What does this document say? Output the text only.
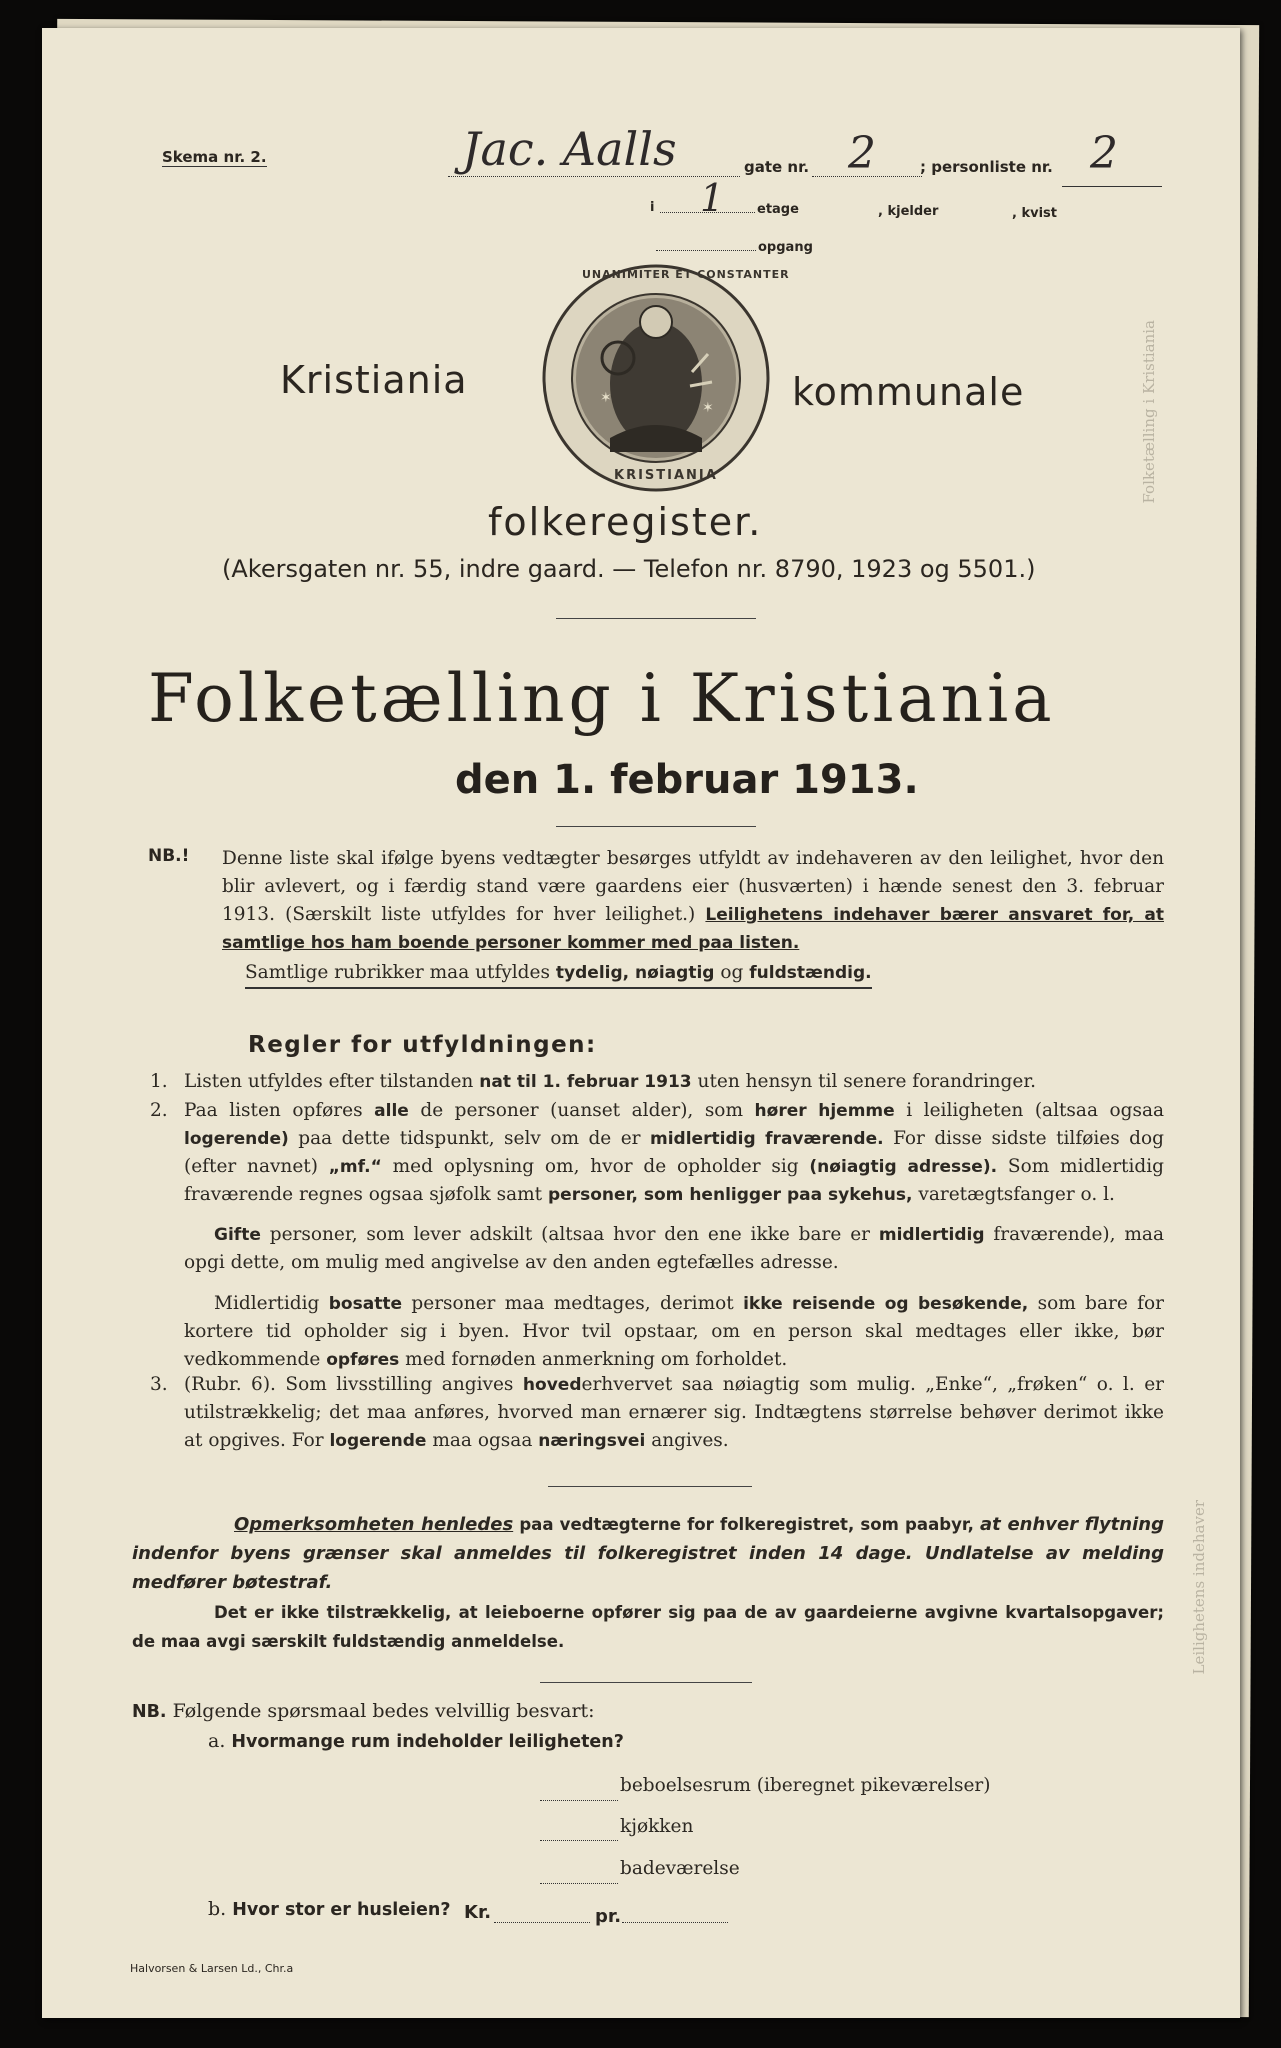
Folketælling i Kristiania
Leilighetens indehaver
Skema nr. 2.	Jac. Aalls	gate nr. 2	; personliste nr. 2
i 1	etage	, kjelder	, kvist
opgang
Kristiania	✶
✶
UNANIMITER ET CONSTANTER
KRISTIANIA
kommunale
folkeregister.
(Akersgaten nr. 55, indre gaard. — Telefon nr. 8790, 1923 og 5501.)
Folketælling i Kristiania
den 1. februar 1913.
NB.! Denne liste skal ifølge byens vedtægter besørges utfyldt av indehaveren av den leilighet, hvor den blir avlevert, og i færdig stand være gaardens eier (husværten) i hænde senest den 3. februar 1913. (Særskilt liste utfyldes for hver leilighet.) Leilighetens indehaver bærer ansvaret for, at samtlige hos ham boende personer kommer med paa listen.
Samtlige rubrikker maa utfyldes tydelig, nøiagtig og fuldstændig.
Regler for utfyldningen:
1. Listen utfyldes efter tilstanden nat til 1. februar 1913 uten hensyn til senere forandringer.
2. Paa listen opføres alle de personer (uanset alder), som hører hjemme i leiligheten (altsaa ogsaa logerende) paa dette tidspunkt, selv om de er midlertidig fraværende. For disse sidste tilføies dog (efter navnet) „mf.“ med oplysning om, hvor de opholder sig (nøiagtig adresse). Som midlertidig fraværende regnes ogsaa sjøfolk samt personer, som henligger paa sykehus, varetægtsfanger o. l.
Gifte personer, som lever adskilt (altsaa hvor den ene ikke bare er midlertidig fraværende), maa opgi dette, om mulig med angivelse av den anden egtefælles adresse.
Midlertidig bosatte personer maa medtages, derimot ikke reisende og besøkende, som bare for kortere tid opholder sig i byen. Hvor tvil opstaar, om en person skal medtages eller ikke, bør vedkommende opføres med fornøden anmerkning om forholdet.
3. (Rubr. 6). Som livsstilling angives hovederhvervet saa nøiagtig som mulig. „Enke“, „frøken“ o. l. er utilstrækkelig; det maa anføres, hvorved man ernærer sig. Indtægtens størrelse behøver derimot ikke at opgives. For logerende maa ogsaa næringsvei angives.
Opmerksomheten henledes paa vedtægterne for folkeregistret, som paabyr, at enhver flytning indenfor byens grænser skal anmeldes til folkeregistret inden 14 dage. Undlatelse av melding medfører bøtestraf.
Det er ikke tilstrækkelig, at leieboerne opfører sig paa de av gaardeierne avgivne kvartalsopgaver; de maa avgi særskilt fuldstændig anmeldelse.
NB. Følgende spørsmaal bedes velvillig besvart:
a. Hvormange rum indeholder leiligheten?
beboelsesrum (iberegnet pikeværelser)
kjøkken
badeværelse
b. Hvor stor er husleien? Kr.	pr.
Halvorsen & Larsen Ld., Chr.a
